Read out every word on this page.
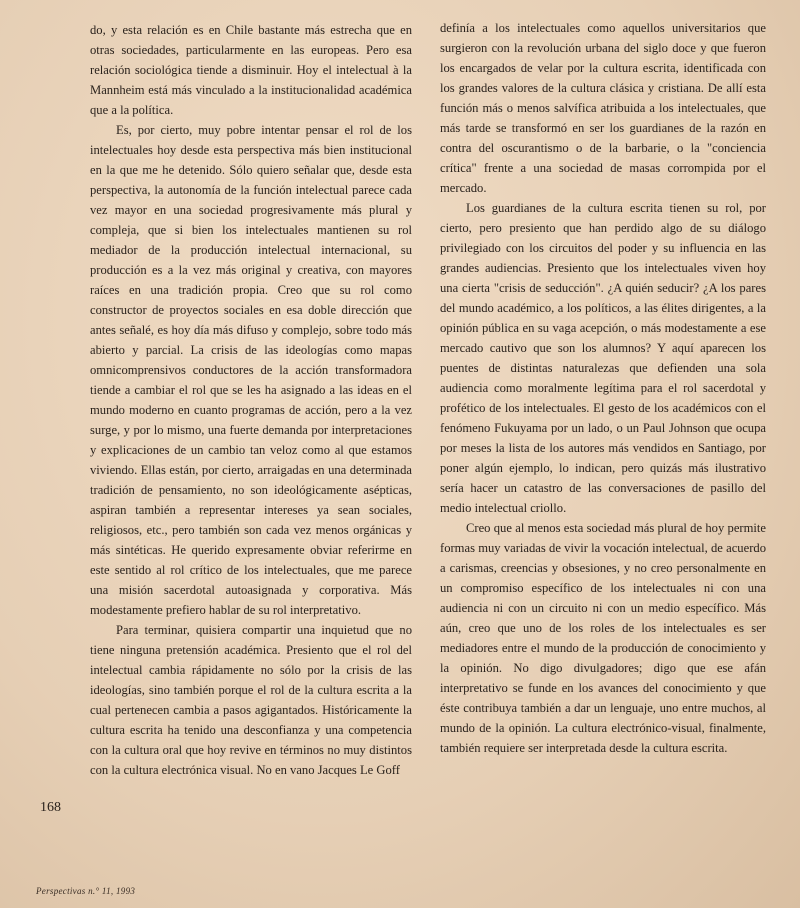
do, y esta relación es en Chile bastante más estrecha que en otras sociedades, particularmente en las europeas. Pero esa relación sociológica tiende a disminuir. Hoy el intelectual à la Mannheim está más vinculado a la institucionalidad académica que a la política.

Es, por cierto, muy pobre intentar pensar el rol de los intelectuales hoy desde esta perspectiva más bien institucional en la que me he detenido. Sólo quiero señalar que, desde esta perspectiva, la autonomía de la función intelectual parece cada vez mayor en una sociedad progresivamente más plural y compleja, que si bien los intelectuales mantienen su rol mediador de la producción intelectual internacional, su producción es a la vez más original y creativa, con mayores raíces en una tradición propia. Creo que su rol como constructor de proyectos sociales en esa doble dirección que antes señalé, es hoy día más difuso y complejo, sobre todo más abierto y parcial. La crisis de las ideologías como mapas omnicomprensivos conductores de la acción transformadora tiende a cambiar el rol que se les ha asignado a las ideas en el mundo moderno en cuanto programas de acción, pero a la vez surge, y por lo mismo, una fuerte demanda por interpretaciones y explicaciones de un cambio tan veloz como al que estamos viviendo. Ellas están, por cierto, arraigadas en una determinada tradición de pensamiento, no son ideológicamente asépticas, aspiran también a representar intereses ya sean sociales, religiosos, etc., pero también son cada vez menos orgánicas y más sintéticas. He querido expresamente obviar referirme en este sentido al rol crítico de los intelectuales, que me parece una misión sacerdotal autoasignada y corporativa. Más modestamente prefiero hablar de su rol interpretativo.

Para terminar, quisiera compartir una inquietud que no tiene ninguna pretensión académica. Presiento que el rol del intelectual cambia rápidamente no sólo por la crisis de las ideologías, sino también porque el rol de la cultura escrita a la cual pertenecen cambia a pasos agigantados. Históricamente la cultura escrita ha tenido una desconfianza y una competencia con la cultura oral que hoy revive en términos no muy distintos con la cultura electrónica visual. No en vano Jacques Le Goff

definía a los intelectuales como aquellos universitarios que surgieron con la revolución urbana del siglo doce y que fueron los encargados de velar por la cultura escrita, identificada con los grandes valores de la cultura clásica y cristiana. De allí esta función más o menos salvífica atribuida a los intelectuales, que más tarde se transformó en ser los guardianes de la razón en contra del oscurantismo o de la barbarie, o la "conciencia crítica" frente a una sociedad de masas corrompida por el mercado.

Los guardianes de la cultura escrita tienen su rol, por cierto, pero presiento que han perdido algo de su diálogo privilegiado con los circuitos del poder y su influencia en las grandes audiencias. Presiento que los intelectuales viven hoy una cierta "crisis de seducción". ¿A quién seducir? ¿A los pares del mundo académico, a los políticos, a las élites dirigentes, a la opinión pública en su vaga acepción, o más modestamente a ese mercado cautivo que son los alumnos? Y aquí aparecen los puentes de distintas naturalezas que defienden una sola audiencia como moralmente legítima para el rol sacerdotal y profético de los intelectuales. El gesto de los académicos con el fenómeno Fukuyama por un lado, o un Paul Johnson que ocupa por meses la lista de los autores más vendidos en Santiago, por poner algún ejemplo, lo indican, pero quizás más ilustrativo sería hacer un catastro de las conversaciones de pasillo del medio intelectual criollo.

Creo que al menos esta sociedad más plural de hoy permite formas muy variadas de vivir la vocación intelectual, de acuerdo a carismas, creencias y obsesiones, y no creo personalmente en un compromiso específico de los intelectuales ni con una audiencia ni con un circuito ni con un medio específico. Más aún, creo que uno de los roles de los intelectuales es ser mediadores entre el mundo de la producción de conocimiento y la opinión. No digo divulgadores; digo que ese afán interpretativo se funde en los avances del conocimiento y que éste contribuya también a dar un lenguaje, uno entre muchos, al mundo de la opinión. La cultura electrónico-visual, finalmente, también requiere ser interpretada desde la cultura escrita.

168
Perspectivas n.° 11, 1993
